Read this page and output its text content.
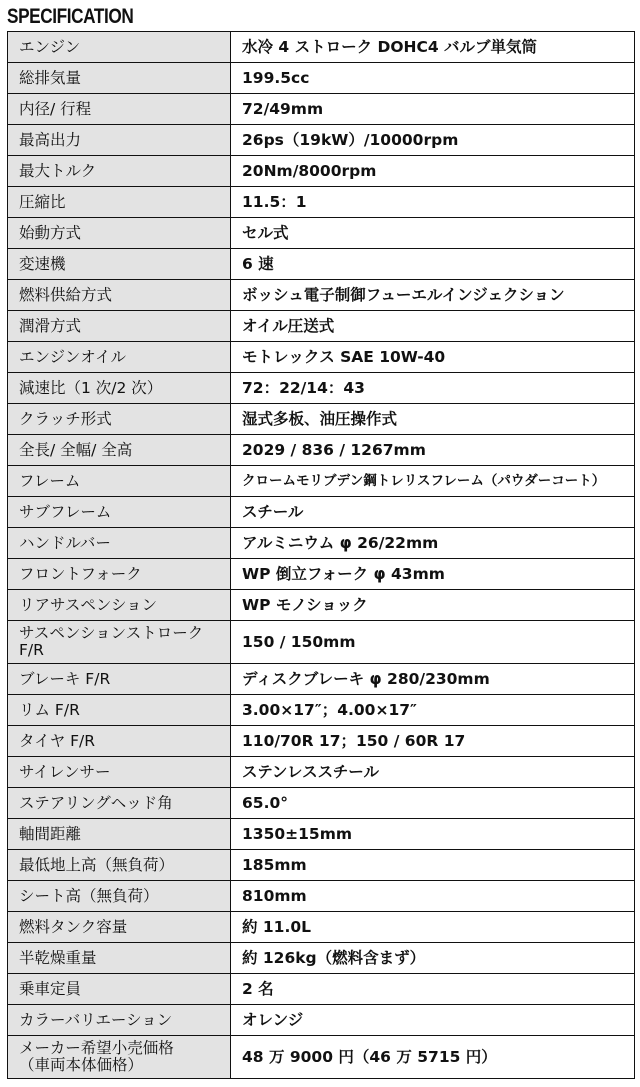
SPECIFICATION
エンジン	水冷 4 ストローク DOHC4 バルブ単気筒
総排気量	199.5cc
内径/ 行程	72/49mm
最高出力	26ps（19kW）/10000rpm
最大トルク	20Nm/8000rpm
圧縮比	11.5：1
始動方式	セル式
変速機	6 速
燃料供給方式	ボッシュ電子制御フューエルインジェクション
潤滑方式	オイル圧送式
エンジンオイル	モトレックス SAE 10W-40
減速比（1 次/2 次）	72：22/14：43
クラッチ形式	湿式多板、油圧操作式
全長/ 全幅/ 全高	2029 / 836 / 1267mm
フレーム	クロームモリブデン鋼トレリスフレーム（パウダーコート）
サブフレーム	スチール
ハンドルバー	アルミニウム φ 26/22mm
フロントフォーク	WP 倒立フォーク φ 43mm
リアサスペンション	WP モノショック
サスペンションストローク
F/R	150 / 150mm
ブレーキ F/R	ディスクブレーキ φ 280/230mm
リム F/R	3.00×17″；4.00×17″
タイヤ F/R	110/70R 17；150 / 60R 17
サイレンサー	ステンレススチール
ステアリングヘッド角	65.0°
軸間距離	1350±15mm
最低地上高（無負荷）	185mm
シート高（無負荷）	810mm
燃料タンク容量	約 11.0L
半乾燥重量	約 126kg（燃料含まず）
乗車定員	2 名
カラーバリエーション	オレンジ
メーカー希望小売価格
（車両本体価格）	48 万 9000 円（46 万 5715 円）
